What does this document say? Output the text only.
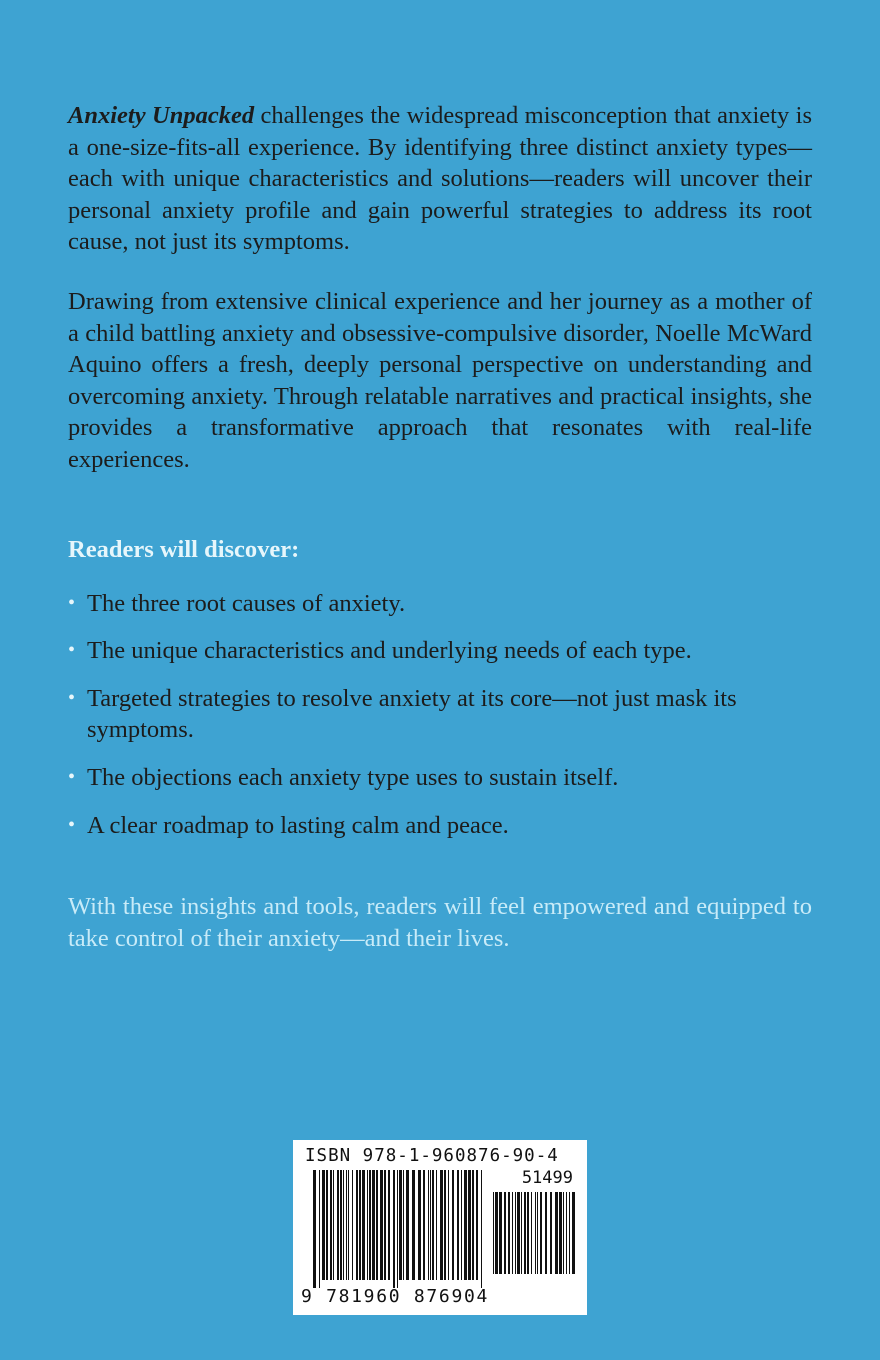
Anxiety Unpacked challenges the widespread misconception that anxiety is a one-size-fits-all experience. By identifying three distinct anxiety types—each with unique characteristics and solutions—readers will uncover their personal anxiety profile and gain powerful strategies to address its root cause, not just its symptoms.

Drawing from extensive clinical experience and her journey as a mother of a child battling anxiety and obsessive-compulsive disorder, Noelle McWard Aquino offers a fresh, deeply personal perspective on understanding and overcoming anxiety. Through relatable narratives and practical insights, she provides a transformative approach that resonates with real-life experiences.

Readers will discover:
• The three root causes of anxiety.
• The unique characteristics and underlying needs of each type.
• Targeted strategies to resolve anxiety at its core—not just mask its symptoms.
• The objections each anxiety type uses to sustain itself.
• A clear roadmap to lasting calm and peace.

With these insights and tools, readers will feel empowered and equipped to take control of their anxiety—and their lives.

ISBN 978-1-960876-90-4
51499
9 781960 876904
